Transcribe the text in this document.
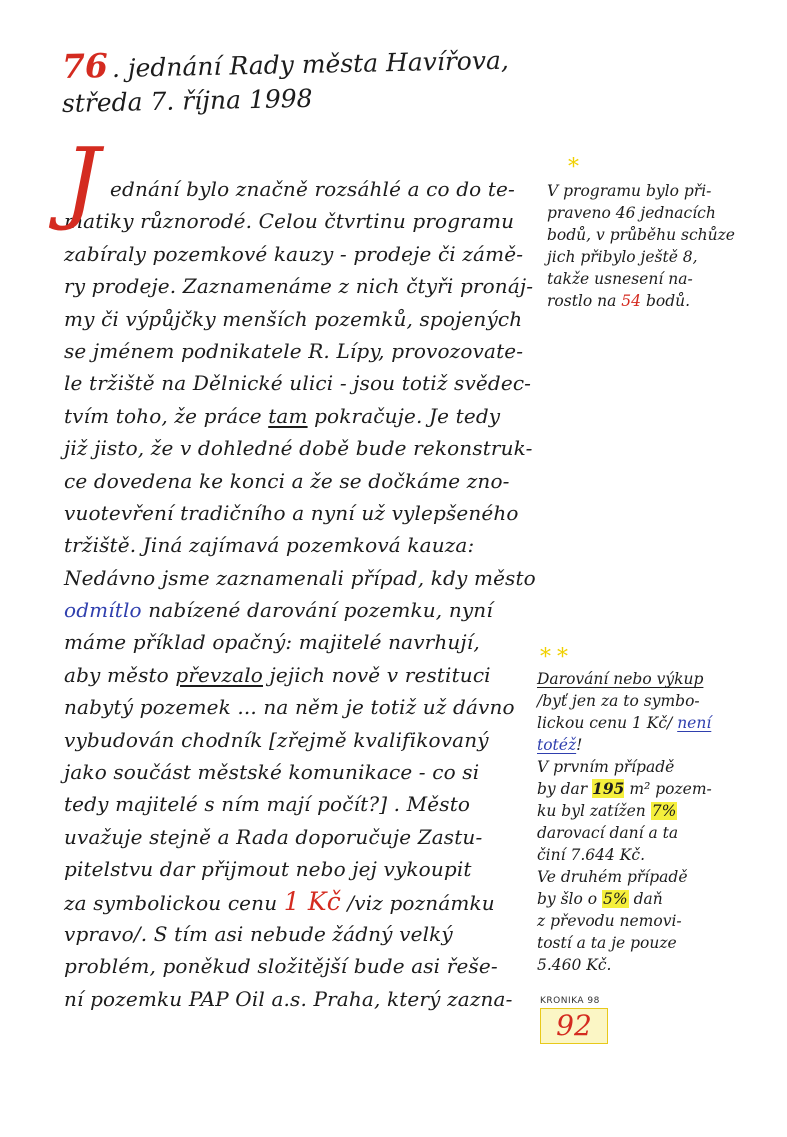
76 . jednání Rady města Havířova,
středa 7. října 1998
J ednání bylo značně rozsáhlé a co do te-
matiky různorodé. Celou čtvrtinu programu
zabíraly pozemkové kauzy - prodeje či zámě-
ry prodeje. Zaznamenáme z nich čtyři pronáj-
my či výpůjčky menších pozemků, spojených
se jménem podnikatele R. Lípy, provozovate-
le tržiště na Dělnické ulici - jsou totiž svědec-
tvím toho, že práce tam pokračuje. Je tedy
již jisto, že v dohledné době bude rekonstruk-
ce dovedena ke konci a že se dočkáme zno-
vuotevření tradičního a nyní už vylepšeného
tržiště. Jiná zajímavá pozemková kauza:
Nedávno jsme zaznamenali případ, kdy město
odmítlo nabízené darování pozemku, nyní
máme příklad opačný: majitelé navrhují,
aby město převzalo jejich nově v restituci
nabytý pozemek ... na něm je totiž už dávno
vybudován chodník [zřejmě kvalifikovaný
jako součást městské komunikace - co si
tedy majitelé s ním mají počít?] . Město
uvažuje stejně a Rada doporučuje Zastu-
pitelstvu dar přijmout nebo jej vykoupit
za symbolickou cenu 1 Kč /viz poznámku
vpravo/. S tím asi nebude žádný velký
problém, poněkud složitější bude asi řeše-
ní pozemku PAP Oil a.s. Praha, který zazna-
*
V programu bylo při-
praveno 46 jednacích
bodů, v průběhu schůze
jich přibylo ještě 8,
takže usnesení na-
rostlo na 54 bodů.
**
Darování nebo výkup
/byť jen za to symbo-
lickou cenu 1 Kč/ není
totéž!
V prvním případě
by dar 195 m² pozem-
ku byl zatížen 7%
darovací daní a ta
činí 7.644 Kč.
Ve druhém případě
by šlo o 5% daň
z převodu nemovi-
tostí a ta je pouze
5.460 Kč.
KRONIKA 98
92
